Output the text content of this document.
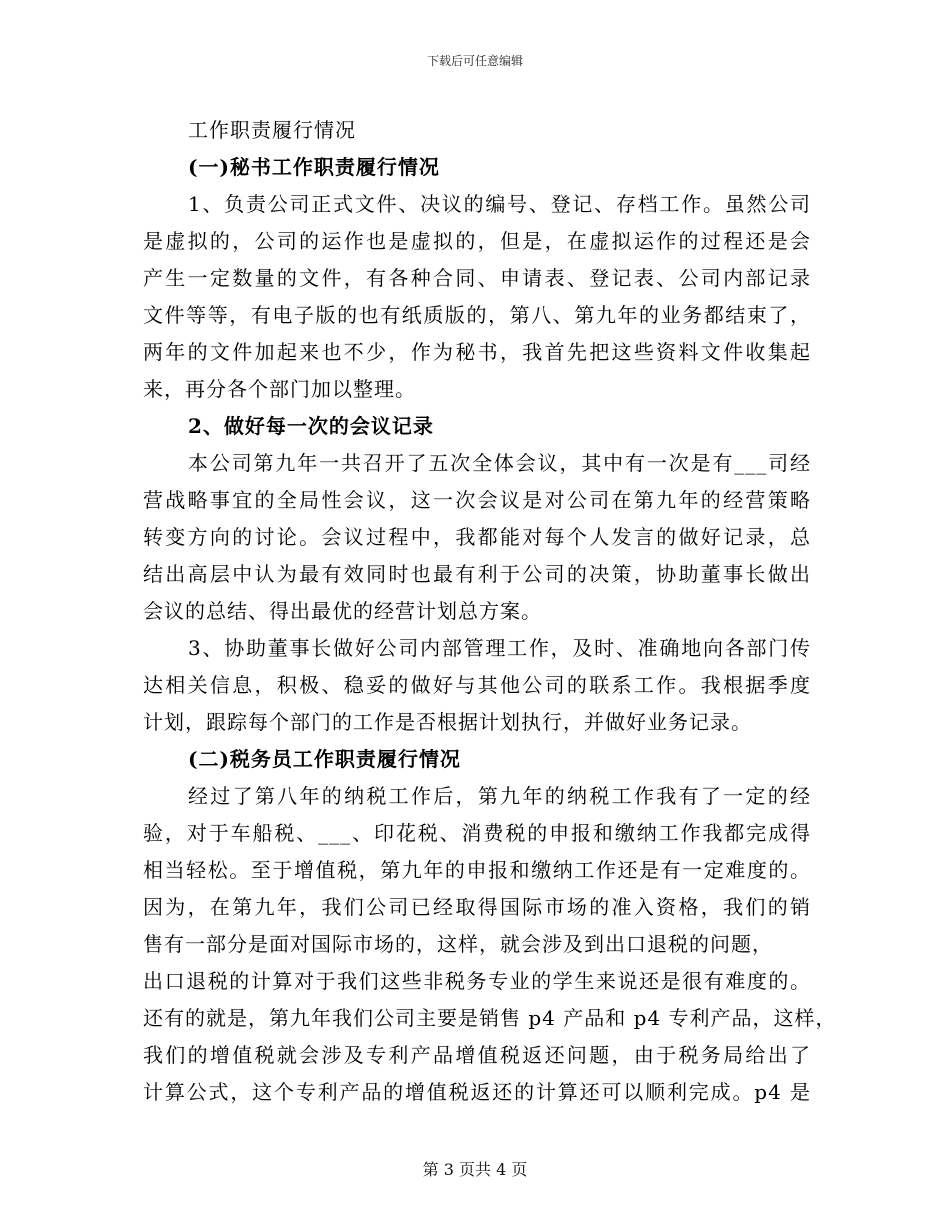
下载后可任意编辑
工作职责履行情况
(一)秘书工作职责履行情况
1、负责公司正式文件、决议的编号、登记、存档工作。虽然公司
是虚拟的，公司的运作也是虚拟的，但是，在虚拟运作的过程还是会
产生一定数量的文件，有各种合同、申请表、登记表、公司内部记录
文件等等，有电子版的也有纸质版的，第八、第九年的业务都结束了，
两年的文件加起来也不少，作为秘书，我首先把这些资料文件收集起
来，再分各个部门加以整理。
2、做好每一次的会议记录
本公司第九年一共召开了五次全体会议，其中有一次是有___司经
营战略事宜的全局性会议，这一次会议是对公司在第九年的经营策略
转变方向的讨论。会议过程中，我都能对每个人发言的做好记录，总
结出高层中认为最有效同时也最有利于公司的决策，协助董事长做出
会议的总结、得出最优的经营计划总方案。
3、协助董事长做好公司内部管理工作，及时、准确地向各部门传
达相关信息，积极、稳妥的做好与其他公司的联系工作。我根据季度
计划，跟踪每个部门的工作是否根据计划执行，并做好业务记录。
(二)税务员工作职责履行情况
经过了第八年的纳税工作后，第九年的纳税工作我有了一定的经
验，对于车船税、___、印花税、消费税的申报和缴纳工作我都完成得
相当轻松。至于增值税，第九年的申报和缴纳工作还是有一定难度的。
因为，在第九年，我们公司已经取得国际市场的准入资格，我们的销
售有一部分是面对国际市场的，这样，就会涉及到出口退税的问题，
出口退税的计算对于我们这些非税务专业的学生来说还是很有难度的。
还有的就是，第九年我们公司主要是销售 p4 产品和 p4 专利产品，这样，
我们的增值税就会涉及专利产品增值税返还问题，由于税务局给出了
计算公式，这个专利产品的增值税返还的计算还可以顺利完成。p4 是
第 3 页共 4 页
